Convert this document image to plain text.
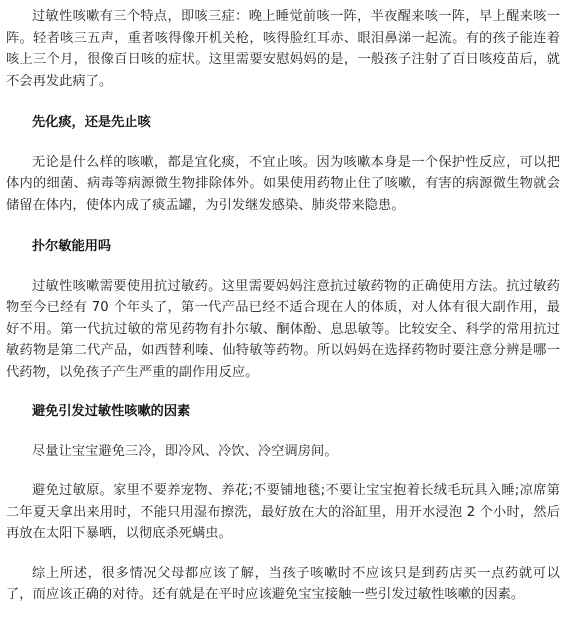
过敏性咳嗽有三个特点，即咳三症：晚上睡觉前咳一阵，半夜醒来咳一阵，早上醒来咳一阵。轻者咳三五声，重者咳得像开机关枪，咳得脸红耳赤、眼泪鼻涕一起流。有的孩子能连着咳上三个月，很像百日咳的症状。这里需要安慰妈妈的是，一般孩子注射了百日咳疫苗后，就不会再发此病了。

先化痰，还是先止咳

无论是什么样的咳嗽，都是宜化痰，不宜止咳。因为咳嗽本身是一个保护性反应，可以把体内的细菌、病毒等病源微生物排除体外。如果使用药物止住了咳嗽，有害的病源微生物就会储留在体内，使体内成了痰盂罐，为引发继发感染、肺炎带来隐患。

扑尔敏能用吗

过敏性咳嗽需要使用抗过敏药。这里需要妈妈注意抗过敏药物的正确使用方法。抗过敏药物至今已经有 70 个年头了，第一代产品已经不适合现在人的体质，对人体有很大副作用，最好不用。第一代抗过敏的常见药物有扑尔敏、酮体酚、息思敏等。比较安全、科学的常用抗过敏药物是第二代产品，如西替利嗪、仙特敏等药物。所以妈妈在选择药物时要注意分辨是哪一代药物，以免孩子产生严重的副作用反应。

避免引发过敏性咳嗽的因素

尽量让宝宝避免三冷，即冷风、冷饮、冷空调房间。

避免过敏原。家里不要养宠物、养花;不要铺地毯;不要让宝宝抱着长绒毛玩具入睡;凉席第二年夏天拿出来用时，不能只用湿布擦洗，最好放在大的浴缸里，用开水浸泡 2 个小时，然后再放在太阳下暴晒，以彻底杀死螨虫。

综上所述，很多情况父母都应该了解，当孩子咳嗽时不应该只是到药店买一点药就可以了，而应该正确的对待。还有就是在平时应该避免宝宝接触一些引发过敏性咳嗽的因素。
